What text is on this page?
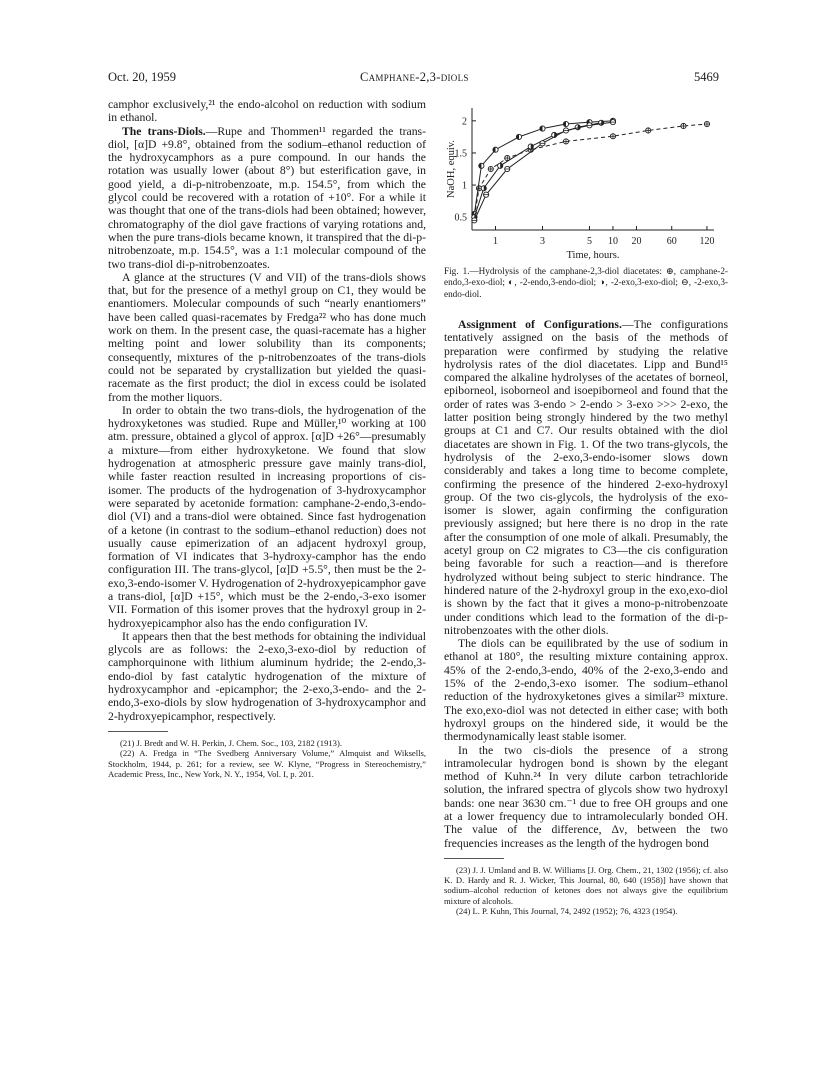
Oct. 20, 1959	Camphane-2,3-diols	5469

camphor exclusively,²¹ the endo-alcohol on reduction with sodium in ethanol.

The trans-Diols.—Rupe and Thommen¹¹ regarded the trans-diol, [α]D +9.8°, obtained from the sodium–ethanol reduction of the hydroxycamphors as a pure compound. In our hands the rotation was usually lower (about 8°) but esterification gave, in good yield, a di-p-nitrobenzoate, m.p. 154.5°, from which the glycol could be recovered with a rotation of +10°. For a while it was thought that one of the trans-diols had been obtained; however, chromatography of the diol gave fractions of varying rotations and, when the pure trans-diols became known, it transpired that the di-p-nitrobenzoate, m.p. 154.5°, was a 1:1 molecular compound of the two trans-diol di-p-nitrobenzoates.

A glance at the structures (V and VII) of the trans-diols shows that, but for the presence of a methyl group on C1, they would be enantiomers. Molecular compounds of such “nearly enantiomers” have been called quasi-racemates by Fredga²² who has done much work on them. In the present case, the quasi-racemate has a higher melting point and lower solubility than its components; consequently, mixtures of the p-nitrobenzoates of the trans-diols could not be separated by crystallization but yielded the quasi-racemate as the first product; the diol in excess could be isolated from the mother liquors.

In order to obtain the two trans-diols, the hydrogenation of the hydroxyketones was studied. Rupe and Müller,¹⁰ working at 100 atm. pressure, obtained a glycol of approx. [α]D +26°—presumably a mixture—from either hydroxyketone. We found that slow hydrogenation at atmospheric pressure gave mainly trans-diol, while faster reaction resulted in increasing proportions of cis-isomer. The products of the hydrogenation of 3-hydroxycamphor were separated by acetonide formation: camphane-2-endo,3-endo-diol (VI) and a trans-diol were obtained. Since fast hydrogenation of a ketone (in contrast to the sodium–ethanol reduction) does not usually cause epimerization of an adjacent hydroxyl group, formation of VI indicates that 3-hydroxy-camphor has the endo configuration III. The trans-glycol, [α]D +5.5°, then must be the 2-exo,3-endo-isomer V. Hydrogenation of 2-hydroxyepicamphor gave a trans-diol, [α]D +15°, which must be the 2-endo,-3-exo isomer VII. Formation of this isomer proves that the hydroxyl group in 2-hydroxyepicamphor also has the endo configuration IV.

It appears then that the best methods for obtaining the individual glycols are as follows: the 2-exo,3-exo-diol by reduction of camphorquinone with lithium aluminum hydride; the 2-endo,3-endo-diol by fast catalytic hydrogenation of the mixture of hydroxycamphor and -epicamphor; the 2-exo,3-endo- and the 2-endo,3-exo-diols by slow hydrogenation of 3-hydroxycamphor and 2-hydroxyepicamphor, respectively.

(21) J. Bredt and W. H. Perkin, J. Chem. Soc., 103, 2182 (1913).
(22) A. Fredga in “The Svedberg Anniversary Volume,” Almquist and Wiksells, Stockholm, 1944, p. 261; for a review, see W. Klyne, “Progress in Stereochemistry,” Academic Press, Inc., New York, N. Y., 1954, Vol. I, p. 201.
0.5
1
1.5
2
1	3	5 10 20	60 120
Time, hours.
NaOH, equiv.
Fig. 1.—Hydrolysis of the camphane-2,3-diol diacetates: ⊕, camphane-2-endo,3-exo-diol; ◐, -2-endo,3-endo-diol; ◑, -2-exo,3-exo-diol; ⊖, -2-exo,3-endo-diol.

Assignment of Configurations.—The configurations tentatively assigned on the basis of the methods of preparation were confirmed by studying the relative hydrolysis rates of the diol diacetates. Lipp and Bund¹⁵ compared the alkaline hydrolyses of the acetates of borneol, epiborneol, isoborneol and isoepiborneol and found that the order of rates was 3-endo > 2-endo > 3-exo >>> 2-exo, the latter position being strongly hindered by the two methyl groups at C1 and C7. Our results obtained with the diol diacetates are shown in Fig. 1. Of the two trans-glycols, the hydrolysis of the 2-exo,3-endo-isomer slows down considerably and takes a long time to become complete, confirming the presence of the hindered 2-exo-hydroxyl group. Of the two cis-glycols, the hydrolysis of the exo-isomer is slower, again confirming the configuration previously assigned; but here there is no drop in the rate after the consumption of one mole of alkali. Presumably, the acetyl group on C2 migrates to C3—the cis configuration being favorable for such a reaction—and is therefore hydrolyzed without being subject to steric hindrance. The hindered nature of the 2-hydroxyl group in the exo,exo-diol is shown by the fact that it gives a mono-p-nitrobenzoate under conditions which lead to the formation of the di-p-nitrobenzoates with the other diols.

The diols can be equilibrated by the use of sodium in ethanol at 180°, the resulting mixture containing approx. 45% of the 2-endo,3-endo, 40% of the 2-exo,3-endo and 15% of the 2-endo,3-exo isomer. The sodium–ethanol reduction of the hydroxyketones gives a similar²³ mixture. The exo,exo-diol was not detected in either case; with both hydroxyl groups on the hindered side, it would be the thermodynamically least stable isomer.

In the two cis-diols the presence of a strong intramolecular hydrogen bond is shown by the elegant method of Kuhn.²⁴ In very dilute carbon tetrachloride solution, the infrared spectra of glycols show two hydroxyl bands: one near 3630 cm.⁻¹ due to free OH groups and one at a lower frequency due to intramolecularly bonded OH. The value of the difference, Δν, between the two frequencies increases as the length of the hydrogen bond

(23) J. J. Umland and B. W. Williams [J. Org. Chem., 21, 1302 (1956); cf. also K. D. Hardy and R. J. Wicker, This Journal, 80, 640 (1958)] have shown that sodium–alcohol reduction of ketones does not always give the equilibrium mixture of alcohols.
(24) L. P. Kuhn, This Journal, 74, 2492 (1952); 76, 4323 (1954).
